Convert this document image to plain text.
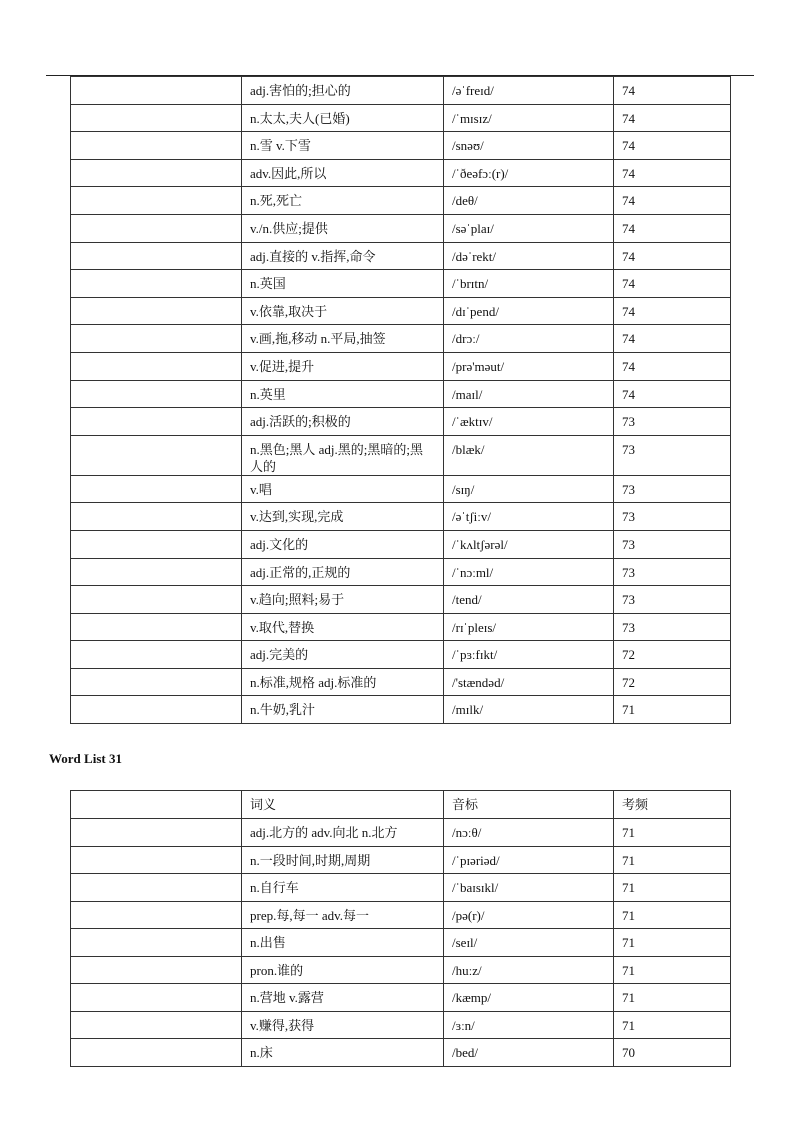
	adj.害怕的;担心的	/əˈfreɪd/	74
	n.太太,夫人(已婚)	/ˈmɪsɪz/	74
	n.雪 v.下雪	/snəʊ/	74
	adv.因此,所以	/ˈðeəfɔː(r)/	74
	n.死,死亡	/deθ/	74
	v./n.供应;提供	/səˈplaɪ/	74
	adj.直接的 v.指挥,命令	/dəˈrekt/	74
	n.英国	/ˈbrɪtn/	74
	v.依靠,取决于	/dɪˈpend/	74
	v.画,拖,移动 n.平局,抽签	/drɔː/	74
	v.促进,提升	/prə'məut/	74
	n.英里	/maɪl/	74
	adj.活跃的;积极的	/ˈæktɪv/	73
	n.黑色;黑人 adj.黑的;黑暗的;黑人的	/blæk/	73
	v.唱	/sɪŋ/	73
	v.达到,实现,完成	/əˈtʃiːv/	73
	adj.文化的	/ˈkʌltʃərəl/	73
	adj.正常的,正规的	/ˈnɔːml/	73
	v.趋向;照料;易于	/tend/	73
	v.取代,替换	/rɪˈpleɪs/	73
	adj.完美的	/ˈpɜːfɪkt/	72
	n.标准,规格 adj.标准的	/'stændəd/	72
	n.牛奶,乳汁	/mɪlk/	71
Word List 31
	词义	音标	考频
	adj.北方的 adv.向北 n.北方	/nɔːθ/	71
	n.一段时间,时期,周期	/ˈpɪəriəd/	71
	n.自行车	/ˈbaɪsɪkl/	71
	prep.每,每一 adv.每一	/pə(r)/	71
	n.出售	/seɪl/	71
	pron.谁的	/huːz/	71
	n.营地 v.露营	/kæmp/	71
	v.赚得,获得	/ɜːn/	71
	n.床	/bed/	70
